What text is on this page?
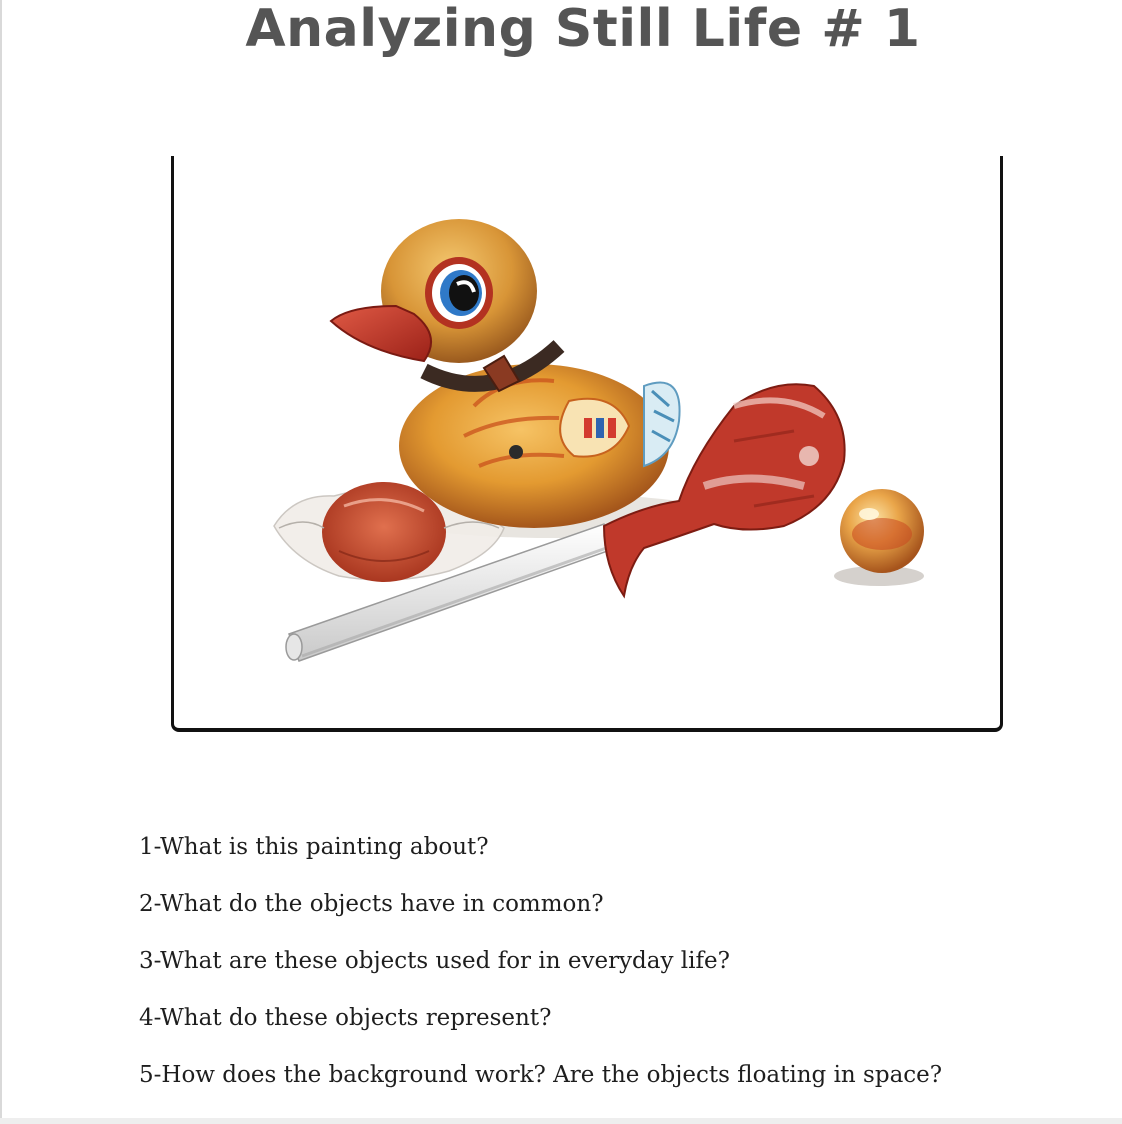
Analyzing Still Life # 1
1-What is this painting about?
2-What do the objects have in common?
3-What are these objects used for in everyday life?
4-What do these objects represent?
5-How does the background work? Are the objects floating in space?
